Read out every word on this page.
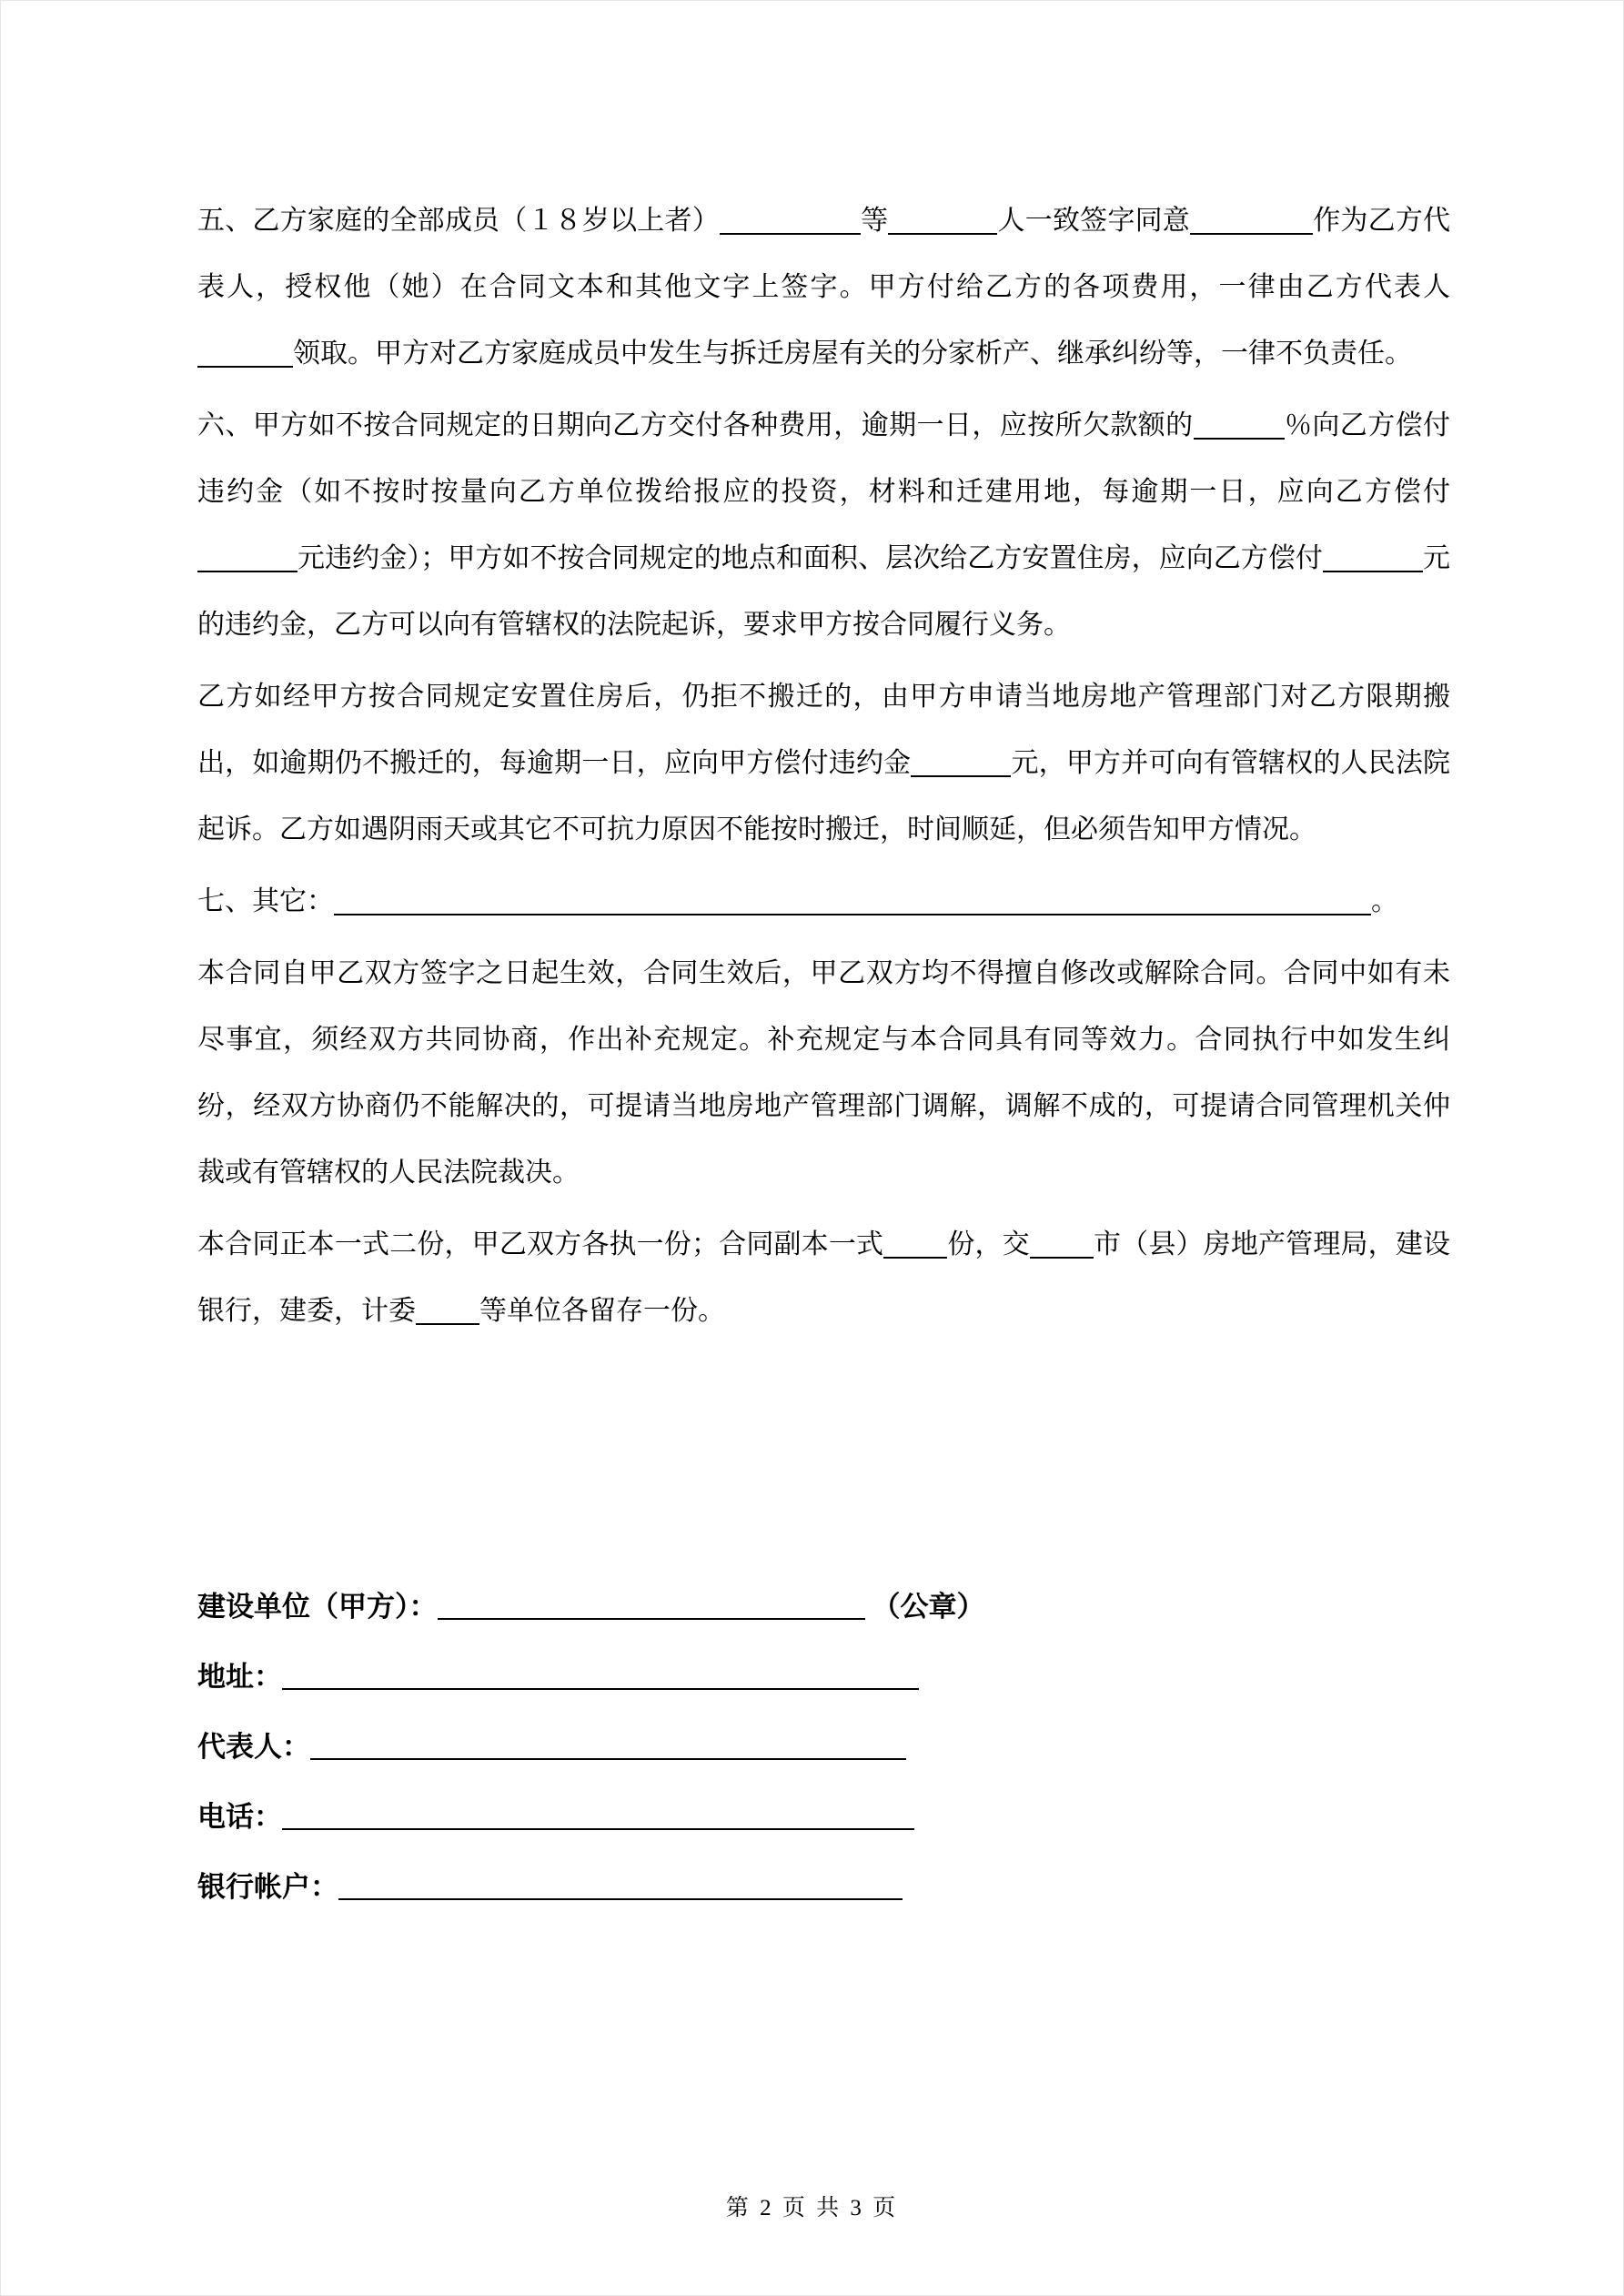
五、乙方家庭的全部成员（１８岁以上者）	等	人一致签字同意	作为乙方代表人，授权他（她）在合同文本和其他文字上签字。甲方付给乙方的各项费用，一律由乙方代表人领取。甲方对乙方家庭成员中发生与拆迁房屋有关的分家析产、继承纠纷等，一律不负责任。

六、甲方如不按合同规定的日期向乙方交付各种费用，逾期一日，应按所欠款额的	％向乙方偿付违约金（如不按时按量向乙方单位拨给报应的投资，材料和迁建用地，每逾期一日，应向乙方偿付元违约金）；甲方如不按合同规定的地点和面积、层次给乙方安置住房，应向乙方偿付	元的违约金，乙方可以向有管辖权的法院起诉，要求甲方按合同履行义务。

乙方如经甲方按合同规定安置住房后，仍拒不搬迁的，由甲方申请当地房地产管理部门对乙方限期搬出，如逾期仍不搬迁的，每逾期一日，应向甲方偿付违约金	元，甲方并可向有管辖权的人民法院起诉。乙方如遇阴雨天或其它不可抗力原因不能按时搬迁，时间顺延，但必须告知甲方情况。

七、其它：	。

本合同自甲乙双方签字之日起生效，合同生效后，甲乙双方均不得擅自修改或解除合同。合同中如有未尽事宜，须经双方共同协商，作出补充规定。补充规定与本合同具有同等效力。合同执行中如发生纠纷，经双方协商仍不能解决的，可提请当地房地产管理部门调解，调解不成的，可提请合同管理机关仲裁或有管辖权的人民法院裁决。

本合同正本一式二份，甲乙双方各执一份；合同副本一式 份，交 市（县）房地产管理局，建设银行，建委，计委 等单位各留存一份。

建设单位（甲方）：	（公章）
地址：
代表人：
电话：
银行帐户：
第 2 页 共 3 页
